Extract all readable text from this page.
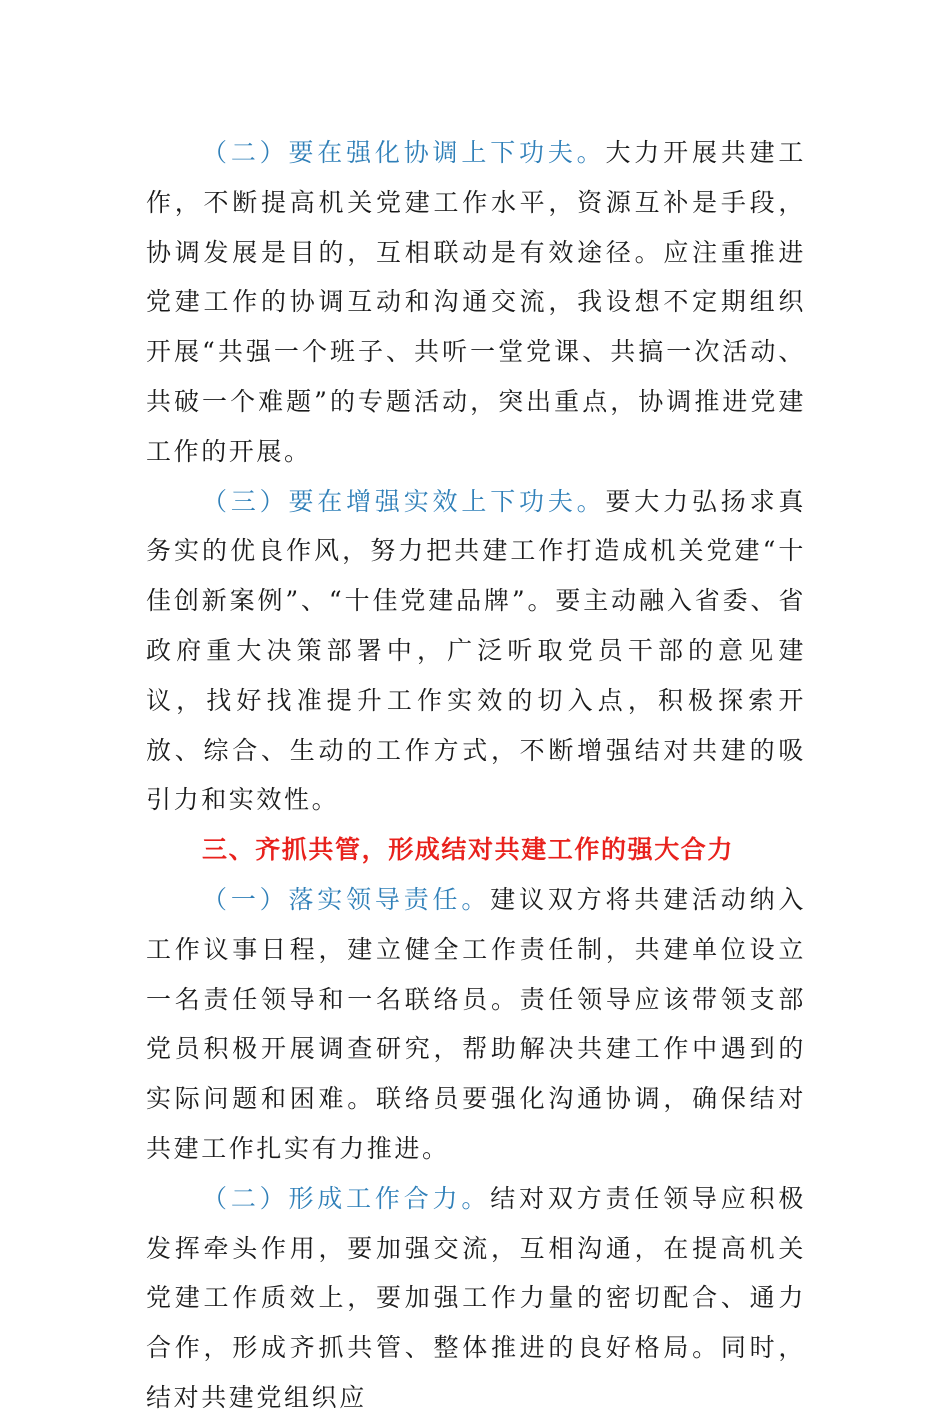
（二）要在强化协调上下功夫。大力开展共建工作，不断提高机关党建工作水平，资源互补是手段，协调发展是目的，互相联动是有效途径。应注重推进党建工作的协调互动和沟通交流，我设想不定期组织开展“共强一个班子、共听一堂党课、共搞一次活动、共破一个难题”的专题活动，突出重点，协调推进党建工作的开展。

（三）要在增强实效上下功夫。要大力弘扬求真务实的优良作风，努力把共建工作打造成机关党建“十佳创新案例”、“十佳党建品牌”。要主动融入省委、省政府重大决策部署中，广泛听取党员干部的意见建议，找好找准提升工作实效的切入点，积极探索开放、综合、生动的工作方式，不断增强结对共建的吸引力和实效性。

三、齐抓共管，形成结对共建工作的强大合力

（一）落实领导责任。建议双方将共建活动纳入工作议事日程，建立健全工作责任制，共建单位设立一名责任领导和一名联络员。责任领导应该带领支部党员积极开展调查研究，帮助解决共建工作中遇到的实际问题和困难。联络员要强化沟通协调，确保结对共建工作扎实有力推进。

（二）形成工作合力。结对双方责任领导应积极发挥牵头作用，要加强交流，互相沟通，在提高机关党建工作质效上，要加强工作力量的密切配合、通力合作，形成齐抓共管、整体推进的良好格局。同时，结对共建党组织应
